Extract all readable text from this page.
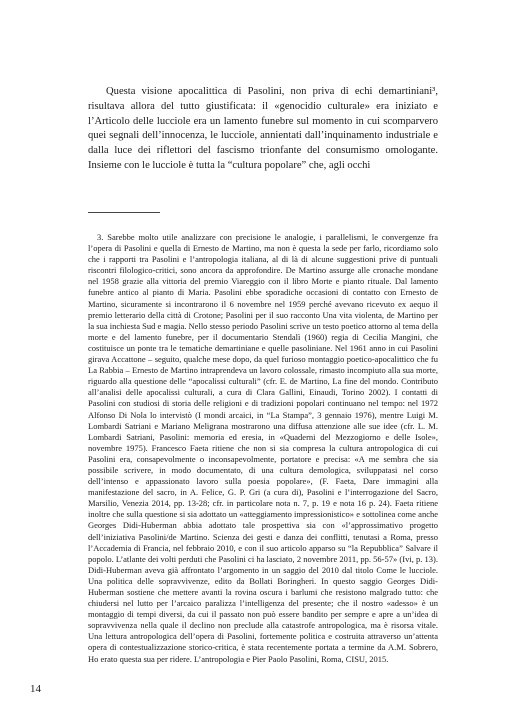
Questa visione apocalittica di Pasolini, non priva di echi demartiniani³, risultava allora del tutto giustificata: il «genocidio culturale» era iniziato e l’Articolo delle lucciole era un lamento funebre sul momento in cui scomparvero quei segnali dell’innocenza, le lucciole, annientati dall’inquinamento industriale e dalla luce dei riflettori del fascismo trionfante del consumismo omologante. Insieme con le lucciole è tutta la “cultura popolare” che, agli occhi

3. Sarebbe molto utile analizzare con precisione le analogie, i parallelismi, le convergenze fra l’opera di Pasolini e quella di Ernesto de Martino, ma non è questa la sede per farlo, ricordiamo solo che i rapporti tra Pasolini e l’antropologia italiana, al di là di alcune suggestioni prive di puntuali riscontri filologico-critici, sono ancora da approfondire. De Martino assurge alle cronache mondane nel 1958 grazie alla vittoria del premio Viareggio con il libro Morte e pianto rituale. Dal lamento funebre antico al pianto di Maria. Pasolini ebbe sporadiche occasioni di contatto con Ernesto de Martino, sicuramente si incontrarono il 6 novembre nel 1959 perché avevano ricevuto ex aequo il premio letterario della città di Crotone; Pasolini per il suo racconto Una vita violenta, de Martino per la sua inchiesta Sud e magia. Nello stesso periodo Pasolini scrive un testo poetico attorno al tema della morte e del lamento funebre, per il documentario Stendalì (1960) regia di Cecilia Mangini, che costituisce un ponte tra le tematiche demartiniane e quelle pasoliniane. Nel 1961 anno in cui Pasolini girava Accattone – seguito, qualche mese dopo, da quel furioso montaggio poetico-apocalittico che fu La Rabbia – Ernesto de Martino intraprendeva un lavoro colossale, rimasto incompiuto alla sua morte, riguardo alla questione delle “apocalissi culturali” (cfr. E. de Martino, La fine del mondo. Contributo all’analisi delle apocalissi culturali, a cura di Clara Gallini, Einaudi, Torino 2002). I contatti di Pasolini con studiosi di storia delle religioni e di tradizioni popolari continuano nel tempo: nel 1972 Alfonso Di Nola lo intervistò (I mondi arcaici, in “La Stampa”, 3 gennaio 1976), mentre Luigi M. Lombardi Satriani e Mariano Meligrana mostrarono una diffusa attenzione alle sue idee (cfr. L. M. Lombardi Satriani, Pasolini: memoria ed eresia, in «Quaderni del Mezzogiorno e delle Isole», novembre 1975). Francesco Faeta ritiene che non si sia compresa la cultura antropologica di cui Pasolini era, consapevolmente o inconsapevolmente, portatore e precisa: «A me sembra che sia possibile scrivere, in modo documentato, di una cultura demologica, sviluppatasi nel corso dell’intenso e appassionato lavoro sulla poesia popolare», (F. Faeta, Dare immagini alla manifestazione del sacro, in A. Felice, G. P. Gri (a cura di), Pasolini e l’interrogazione del Sacro, Marsilio, Venezia 2014, pp. 13-28; cfr. in particolare nota n. 7, p. 19 e nota 16 p. 24). Faeta ritiene inoltre che sulla questione si sia adottato un «atteggiamento impressionistico» e sottolinea come anche Georges Didi-Huberman abbia adottato tale prospettiva sia con «l’approssimativo progetto dell’iniziativa Pasolini/de Martino. Scienza dei gesti e danza dei conflitti, tenutasi a Roma, presso l’Accademia di Francia, nel febbraio 2010, e con il suo articolo apparso su “la Repubblica” Salvare il popolo. L’atlante dei volti perduti che Pasolini ci ha lasciato, 2 novembre 2011, pp. 56-57» (Ivi, p. 13). Didi-Huberman aveva già affrontato l’argomento in un saggio del 2010 dal titolo Come le lucciole. Una politica delle sopravvivenze, edito da Bollati Boringheri. In questo saggio Georges Didi-Huberman sostiene che mettere avanti la rovina oscura i barlumi che resistono malgrado tutto: che chiudersi nel lutto per l’arcaico paralizza l’intelligenza del presente; che il nostro «adesso» è un montaggio di tempi diversi, da cui il passato non può essere bandito per sempre e apre a un’idea di sopravvivenza nella quale il declino non preclude alla catastrofe antropologica, ma è risorsa vitale. Una lettura antropologica dell’opera di Pasolini, fortemente politica e costruita attraverso un’attenta opera di contestualizzazione storico-critica, è stata recentemente portata a termine da A.M. Sobrero, Ho erato questa sua per ridere. L’antropologia e Pier Paolo Pasolini, Roma, CISU, 2015.

14
